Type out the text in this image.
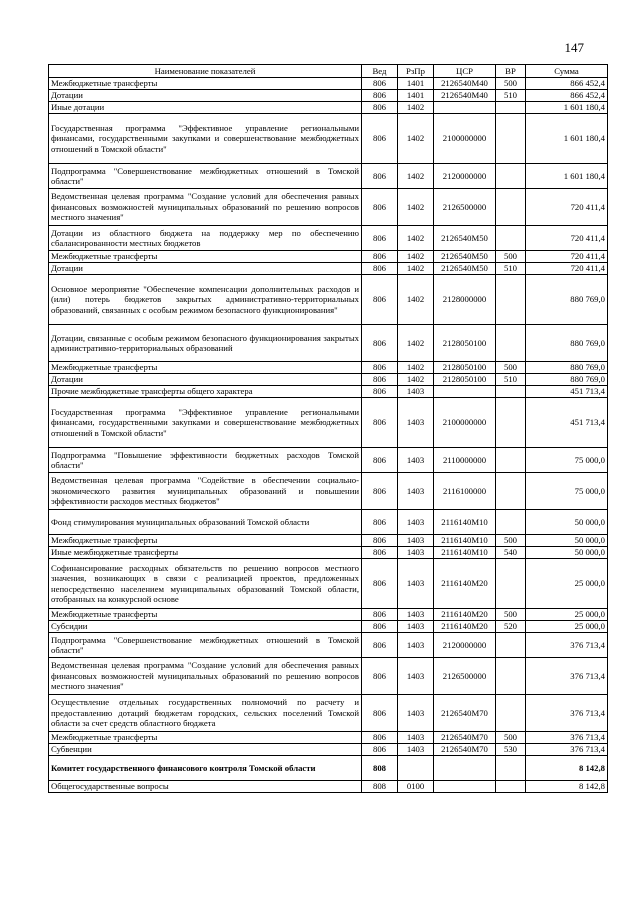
147
Наименование показателей	Вед	РзПр	ЦСР	ВР	Сумма
Межбюджетные трансферты	806	1401	2126540М40	500	866 452,4
Дотации	806	1401	2126540М40	510	866 452,4
Иные дотации	806	1402			1 601 180,4
Государственная программа "Эффективное управление региональными финансами, государственными закупками и совершенствование межбюджетных отношений в Томской области"	806	1402	2100000000		1 601 180,4
Подпрограмма "Совершенствование межбюджетных отношений в Томской области"	806	1402	2120000000		1 601 180,4
Ведомственная целевая программа "Создание условий для обеспечения равных финансовых возможностей муниципальных образований по решению вопросов местного значения"	806	1402	2126500000		720 411,4
Дотации из областного бюджета на поддержку мер по обеспечению сбалансированности местных бюджетов	806	1402	2126540М50		720 411,4
Межбюджетные трансферты	806	1402	2126540М50	500	720 411,4
Дотации	806	1402	2126540М50	510	720 411,4
Основное мероприятие "Обеспечение компенсации дополнительных расходов и (или) потерь бюджетов закрытых административно-территориальных образований, связанных с особым режимом безопасного функционирования"	806	1402	2128000000		880 769,0
Дотации, связанные с особым режимом безопасного функционирования закрытых административно-территориальных образований	806	1402	2128050100		880 769,0
Межбюджетные трансферты	806	1402	2128050100	500	880 769,0
Дотации	806	1402	2128050100	510	880 769,0
Прочие межбюджетные трансферты общего характера	806	1403			451 713,4
Государственная программа "Эффективное управление региональными финансами, государственными закупками и совершенствование межбюджетных отношений в Томской области"	806	1403	2100000000		451 713,4
Подпрограмма "Повышение эффективности бюджетных расходов Томской области"	806	1403	2110000000		75 000,0
Ведомственная целевая программа "Содействие в обеспечении социально-экономического развития муниципальных образований и повышении эффективности расходов местных бюджетов"	806	1403	2116100000		75 000,0
Фонд стимулирования муниципальных образований Томской области	806	1403	2116140М10		50 000,0
Межбюджетные трансферты	806	1403	2116140М10	500	50 000,0
Иные межбюджетные трансферты	806	1403	2116140М10	540	50 000,0
Софинансирование расходных обязательств по решению вопросов местного значения, возникающих в связи с реализацией проектов, предложенных непосредственно населением муниципальных образований Томской области, отобранных на конкурсной основе	806	1403	2116140М20		25 000,0
Межбюджетные трансферты	806	1403	2116140М20	500	25 000,0
Субсидии	806	1403	2116140М20	520	25 000,0
Подпрограмма "Совершенствование межбюджетных отношений в Томской области"	806	1403	2120000000		376 713,4
Ведомственная целевая программа "Создание условий для обеспечения равных финансовых возможностей муниципальных образований по решению вопросов местного значения"	806	1403	2126500000		376 713,4
Осуществление отдельных государственных полномочий по расчету и предоставлению дотаций бюджетам городских, сельских поселений Томской области за счет средств областного бюджета	806	1403	2126540М70		376 713,4
Межбюджетные трансферты	806	1403	2126540М70	500	376 713,4
Субвенции	806	1403	2126540М70	530	376 713,4
Комитет государственного финансового контроля Томской области	808				8 142,8
Общегосударственные вопросы	808	0100			8 142,8
